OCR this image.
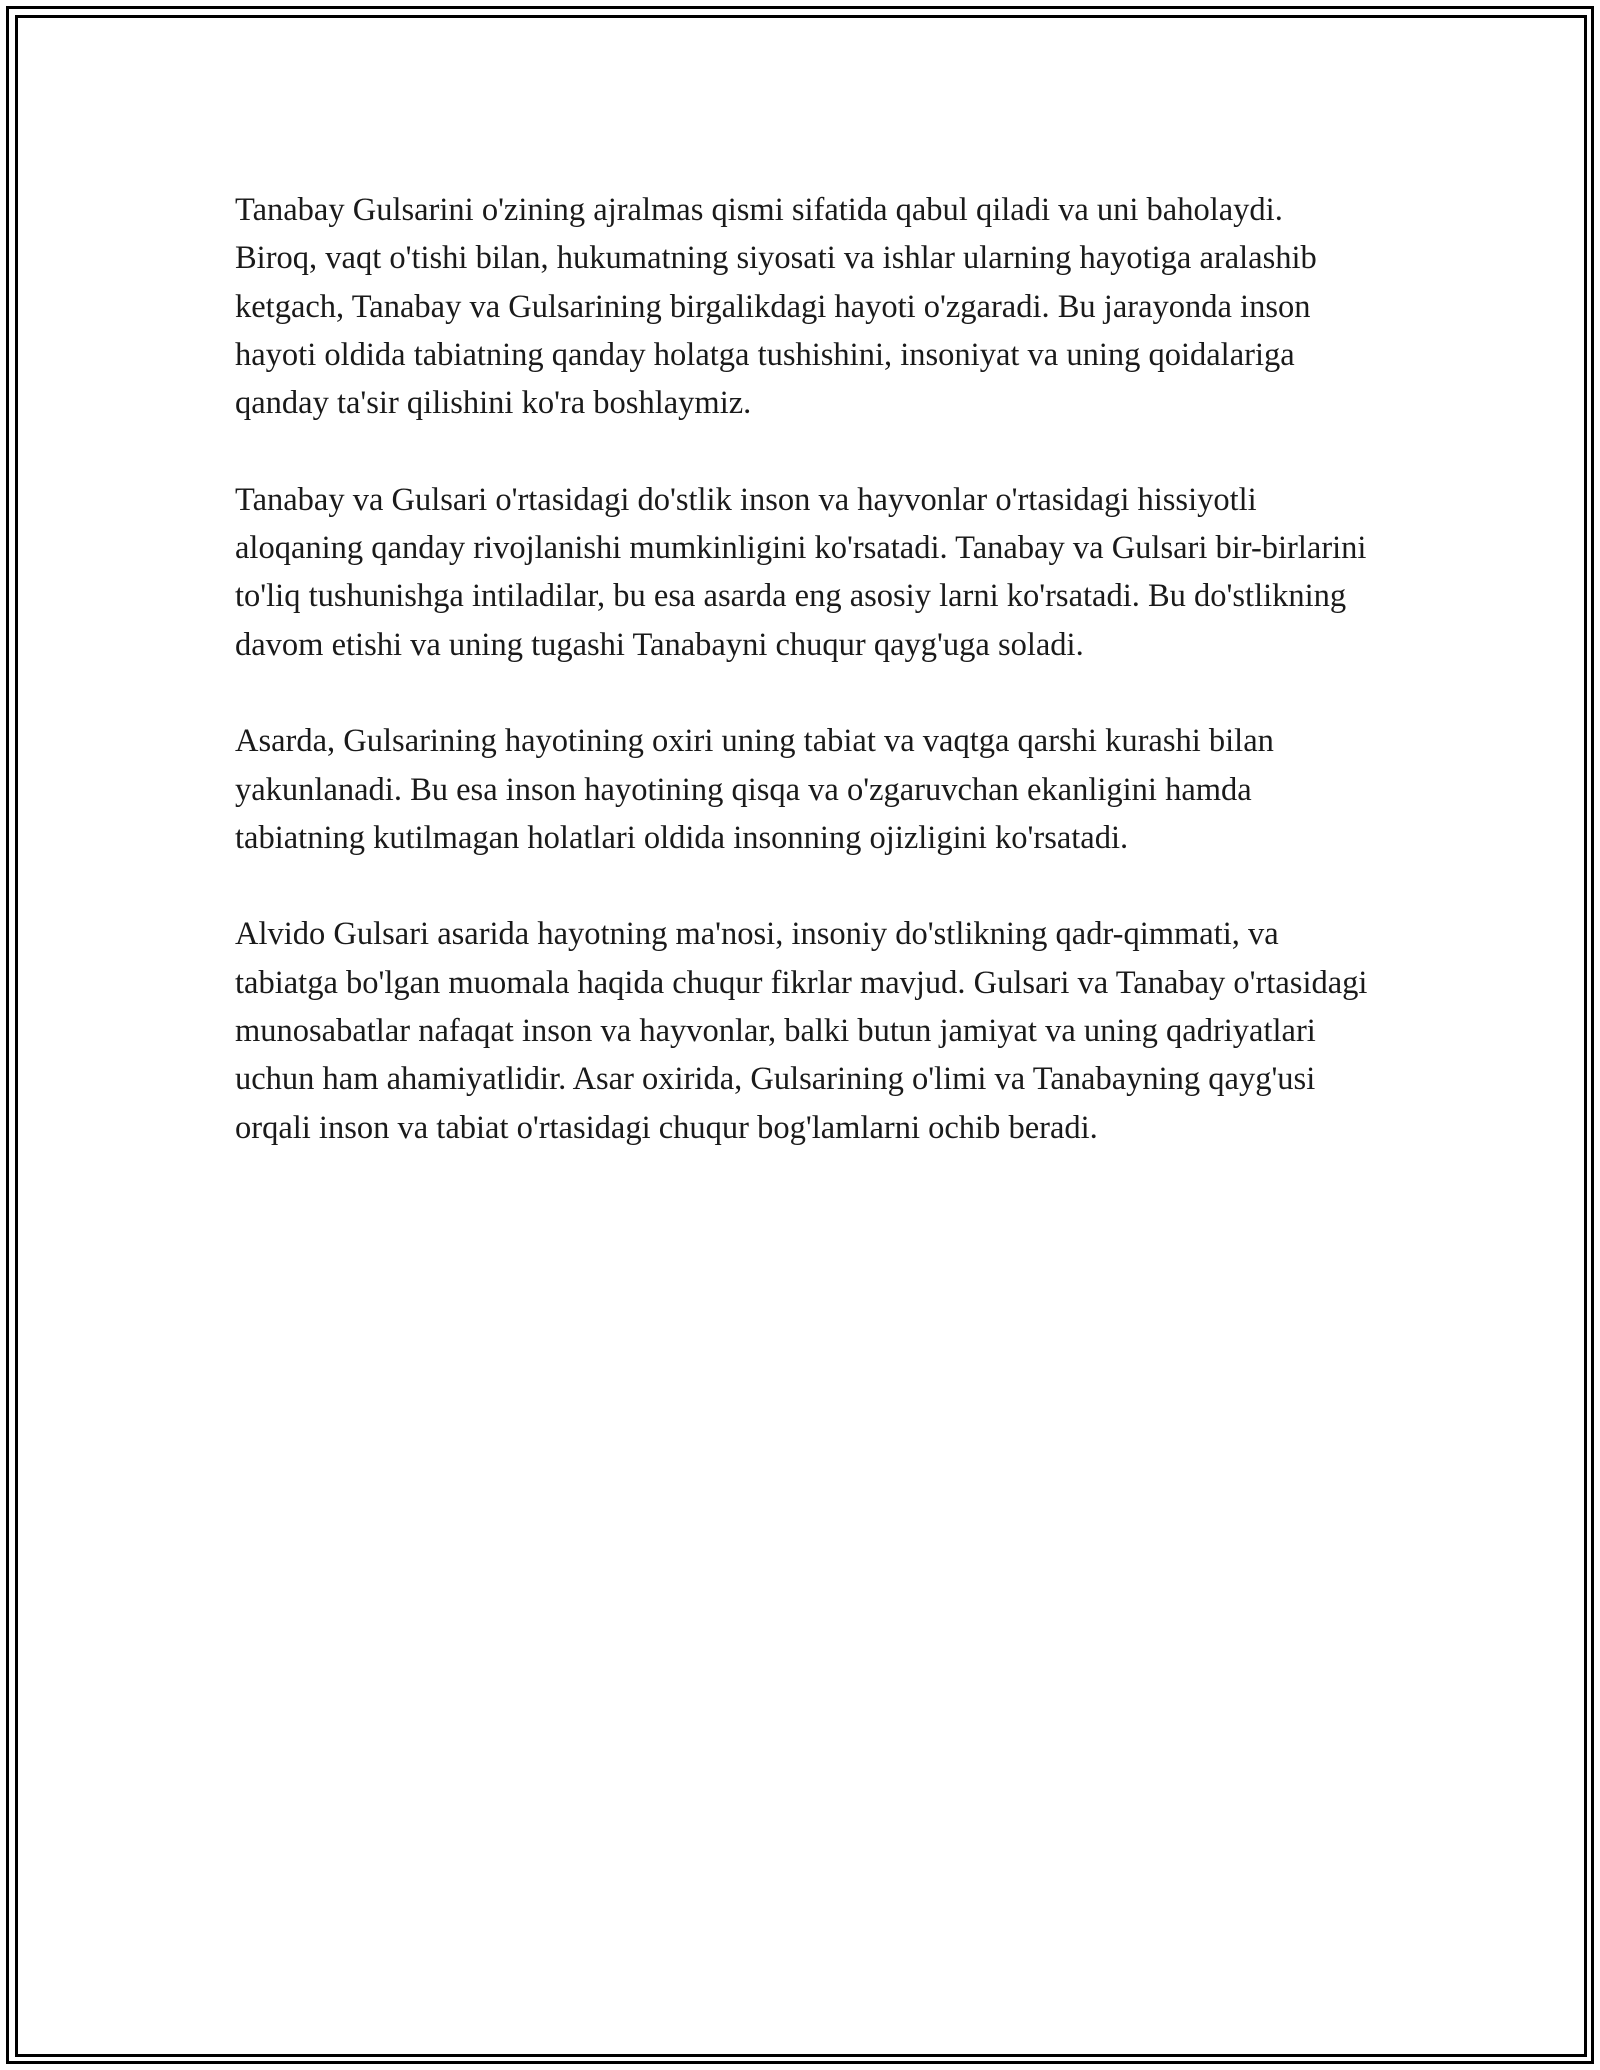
Tanabay Gulsarini o'zining ajralmas qismi sifatida qabul qiladi va uni baholaydi. Biroq, vaqt o'tishi bilan, hukumatning siyosati va ishlar ularning hayotiga aralashib ketgach, Tanabay va Gulsarining birgalikdagi hayoti o'zgaradi. Bu jarayonda inson hayoti oldida tabiatning qanday holatga tushishini, insoniyat va uning qoidalariga qanday ta'sir qilishini ko'ra boshlaymiz.

Tanabay va Gulsari o'rtasidagi do'stlik inson va hayvonlar o'rtasidagi hissiyotli aloqaning qanday rivojlanishi mumkinligini ko'rsatadi. Tanabay va Gulsari bir-birlarini to'liq tushunishga intiladilar, bu esa asarda eng asosiy larni ko'rsatadi. Bu do'stlikning davom etishi va uning tugashi Tanabayni chuqur qayg'uga soladi.

Asarda, Gulsarining hayotining oxiri uning tabiat va vaqtga qarshi kurashi bilan yakunlanadi. Bu esa inson hayotining qisqa va o'zgaruvchan ekanligini hamda tabiatning kutilmagan holatlari oldida insonning ojizligini ko'rsatadi.

Alvido Gulsari asarida hayotning ma'nosi, insoniy do'stlikning qadr-qimmati, va tabiatga bo'lgan muomala haqida chuqur fikrlar mavjud. Gulsari va Tanabay o'rtasidagi munosabatlar nafaqat inson va hayvonlar, balki butun jamiyat va uning qadriyatlari uchun ham ahamiyatlidir. Asar oxirida, Gulsarining o'limi va Tanabayning qayg'usi orqali inson va tabiat o'rtasidagi chuqur bog'lamlarni ochib beradi.
